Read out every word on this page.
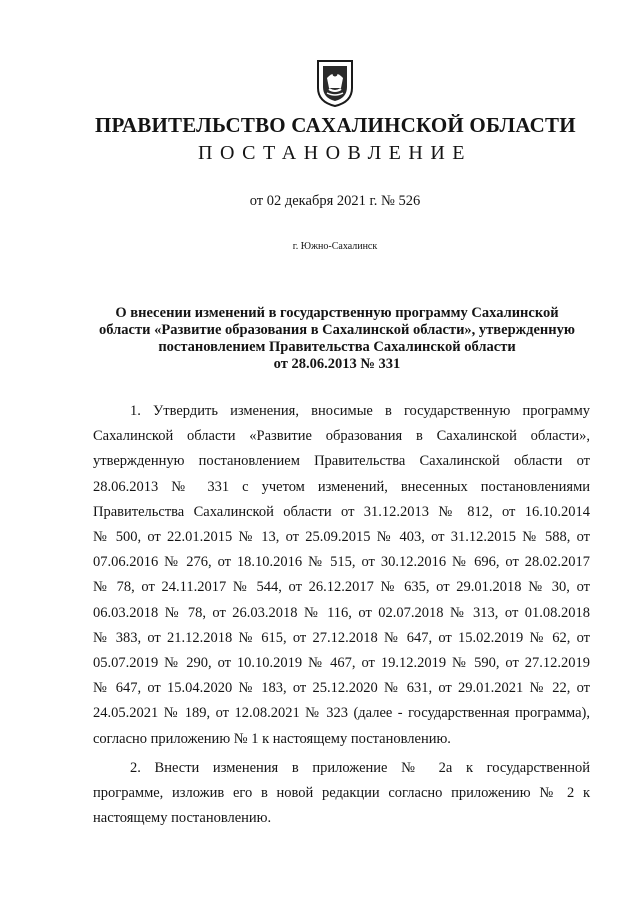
ПРАВИТЕЛЬСТВО САХАЛИНСКОЙ ОБЛАСТИ
ПОСТАНОВЛЕНИЕ
от 02 декабря 2021 г. № 526
г. Южно-Сахалинск
О внесении изменений в государственную программу Сахалинской
области «Развитие образования в Сахалинской области», утвержденную
постановлением Правительства Сахалинской области
от 28.06.2013 № 331
1. Утвердить изменения, вносимые в государственную программу
Сахалинской области «Развитие образования в Сахалинской области»,
утвержденную постановлением Правительства Сахалинской области от
28.06.2013 № 331 с учетом изменений, внесенных постановлениями
Правительства Сахалинской области от 31.12.2013 № 812, от 16.10.2014
№ 500, от 22.01.2015 № 13, от 25.09.2015 № 403, от 31.12.2015 № 588, от
07.06.2016 № 276, от 18.10.2016 № 515, от 30.12.2016 № 696, от 28.02.2017
№ 78, от 24.11.2017 № 544, от 26.12.2017 № 635, от 29.01.2018 № 30, от
06.03.2018 № 78, от 26.03.2018 № 116, от 02.07.2018 № 313, от 01.08.2018
№ 383, от 21.12.2018 № 615, от 27.12.2018 № 647, от 15.02.2019 № 62, от
05.07.2019 № 290, от 10.10.2019 № 467, от 19.12.2019 № 590, от 27.12.2019
№ 647, от 15.04.2020 № 183, от 25.12.2020 № 631, от 29.01.2021 № 22, от
24.05.2021 № 189, от 12.08.2021 № 323 (далее - государственная программа),
согласно приложению № 1 к настоящему постановлению.
2. Внести изменения в приложение № 2а к государственной
программе, изложив его в новой редакции согласно приложению № 2 к
настоящему постановлению.
